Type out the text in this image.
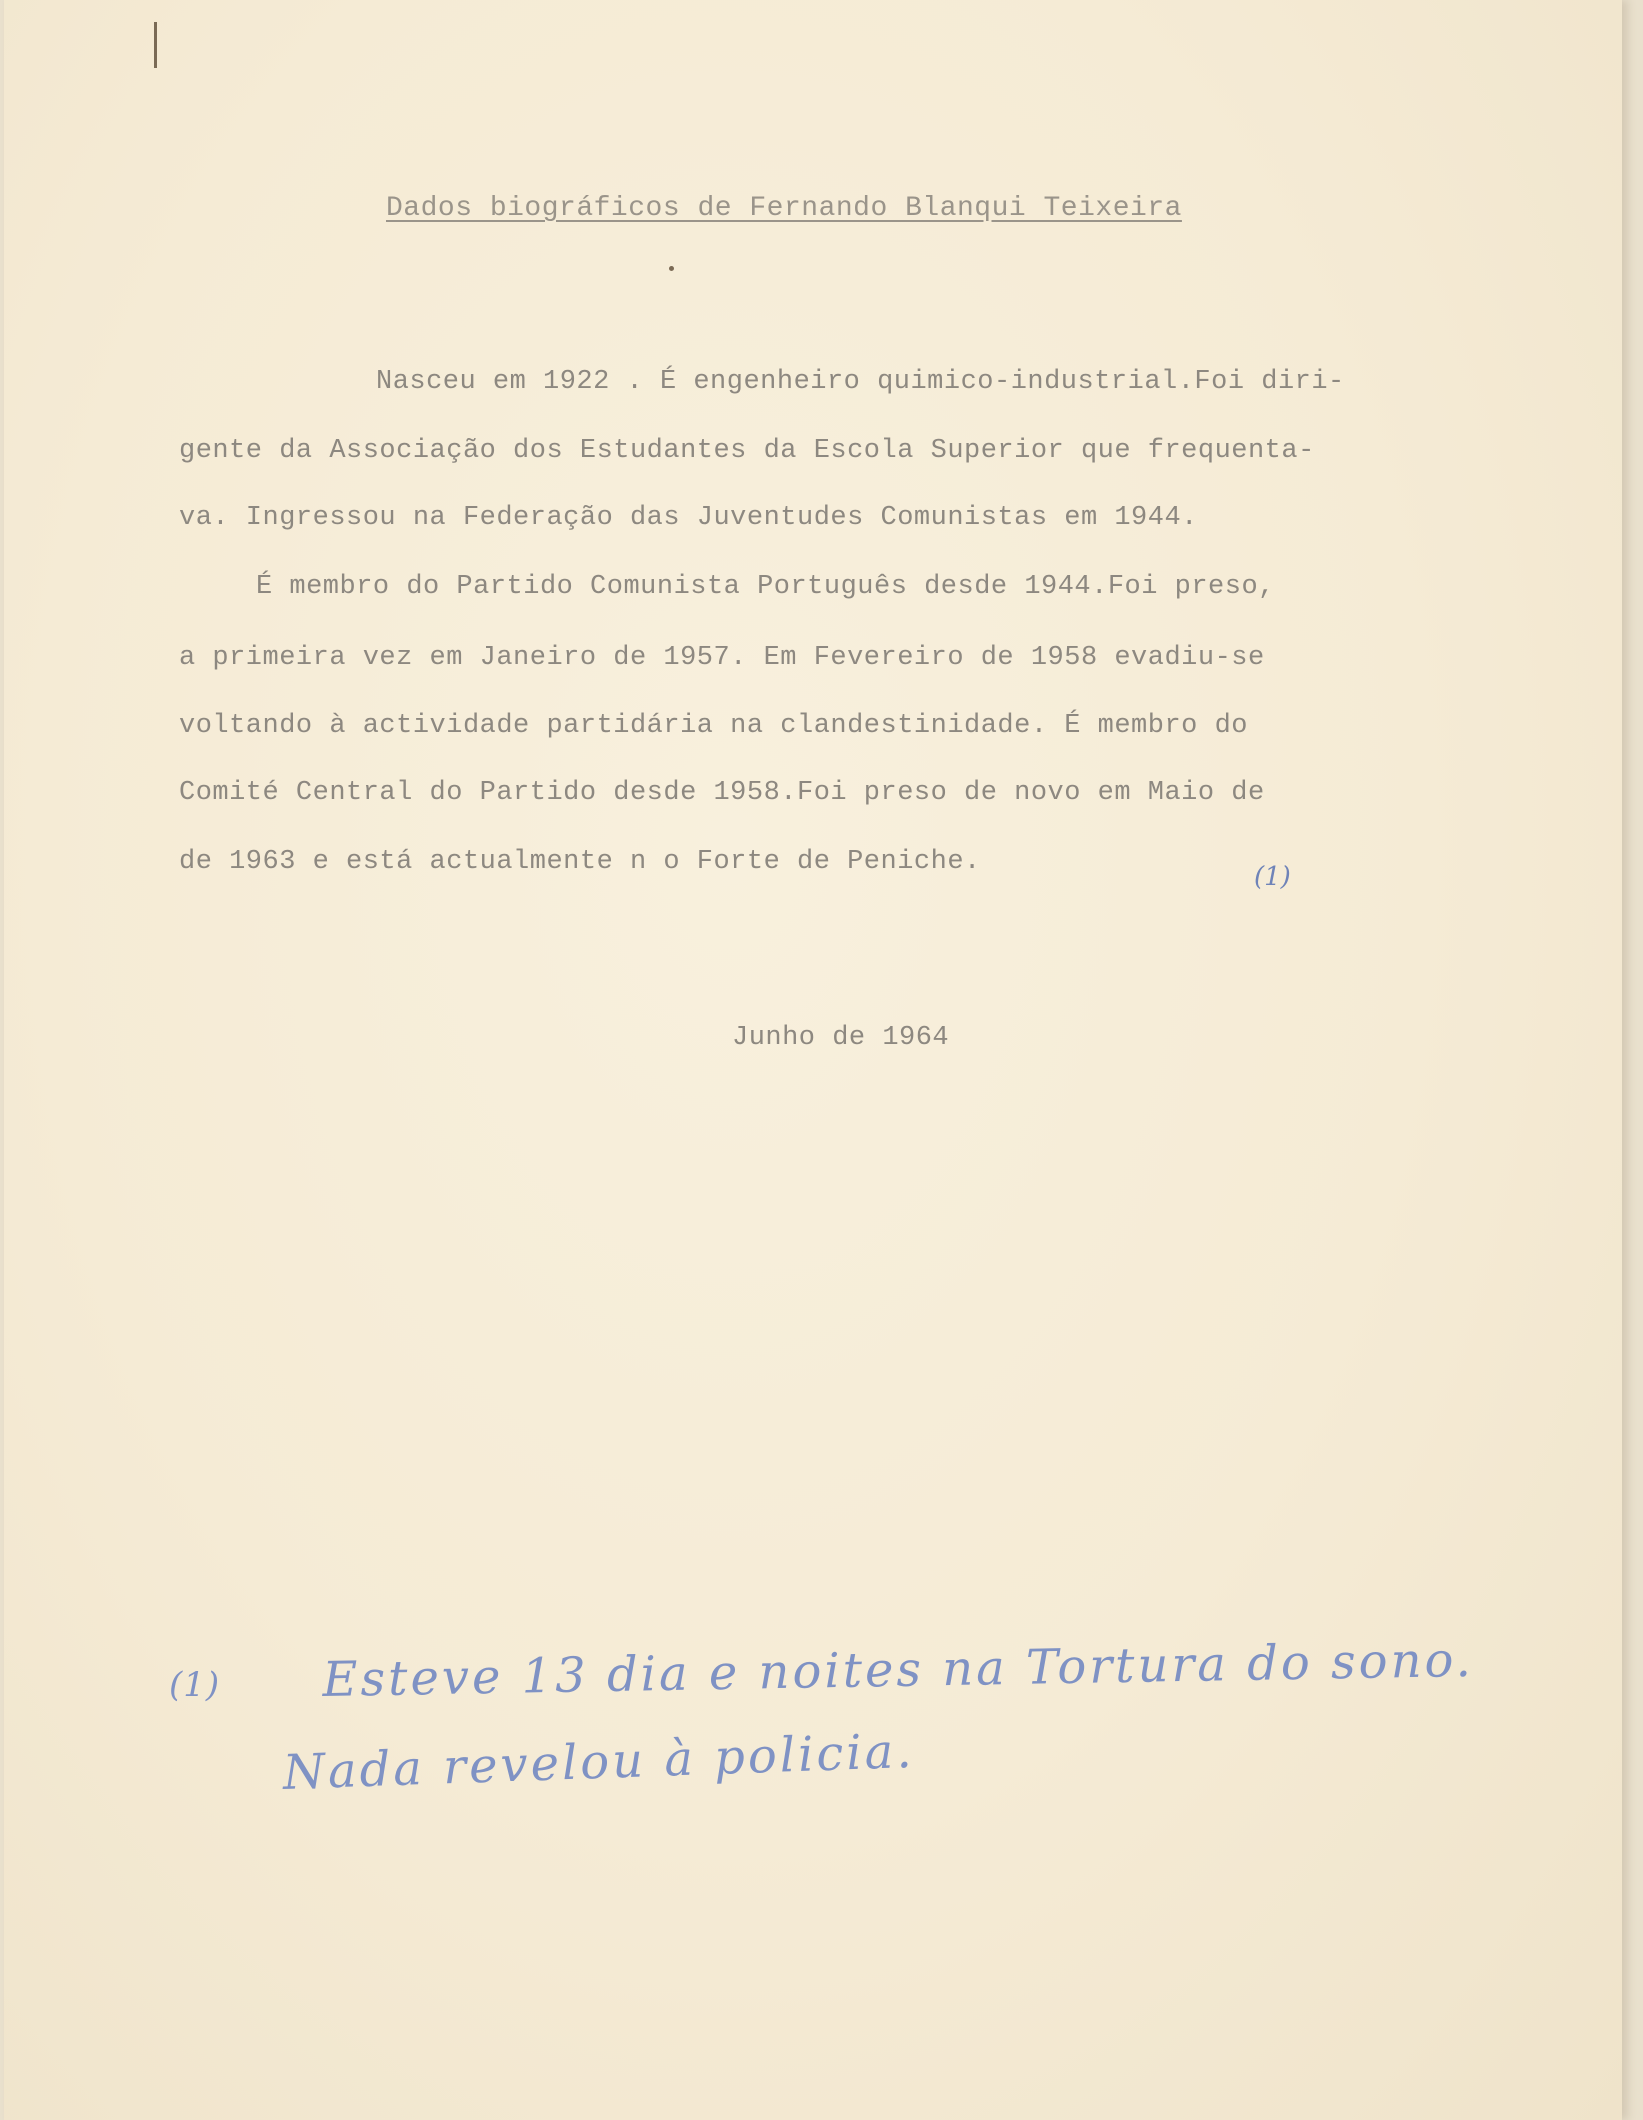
Dados biográficos de Fernando Blanqui Teixeira
Nasceu em 1922 . É engenheiro quimico-industrial.Foi diri-
gente da Associação dos Estudantes da Escola Superior que frequenta-
va. Ingressou na Federação das Juventudes Comunistas em 1944.
É membro do Partido Comunista Português desde 1944.Foi preso,
a primeira vez em Janeiro de 1957. Em Fevereiro de 1958 evadiu-se
voltando à actividade partidária na clandestinidade. É membro do
Comité Central do Partido desde 1958.Foi preso de novo em Maio de
de 1963 e está actualmente n o Forte de Peniche.	(1)
Junho de 1964
(1) Esteve 13 dia e noites na Tortura do sono.
Nada revelou à policia.
